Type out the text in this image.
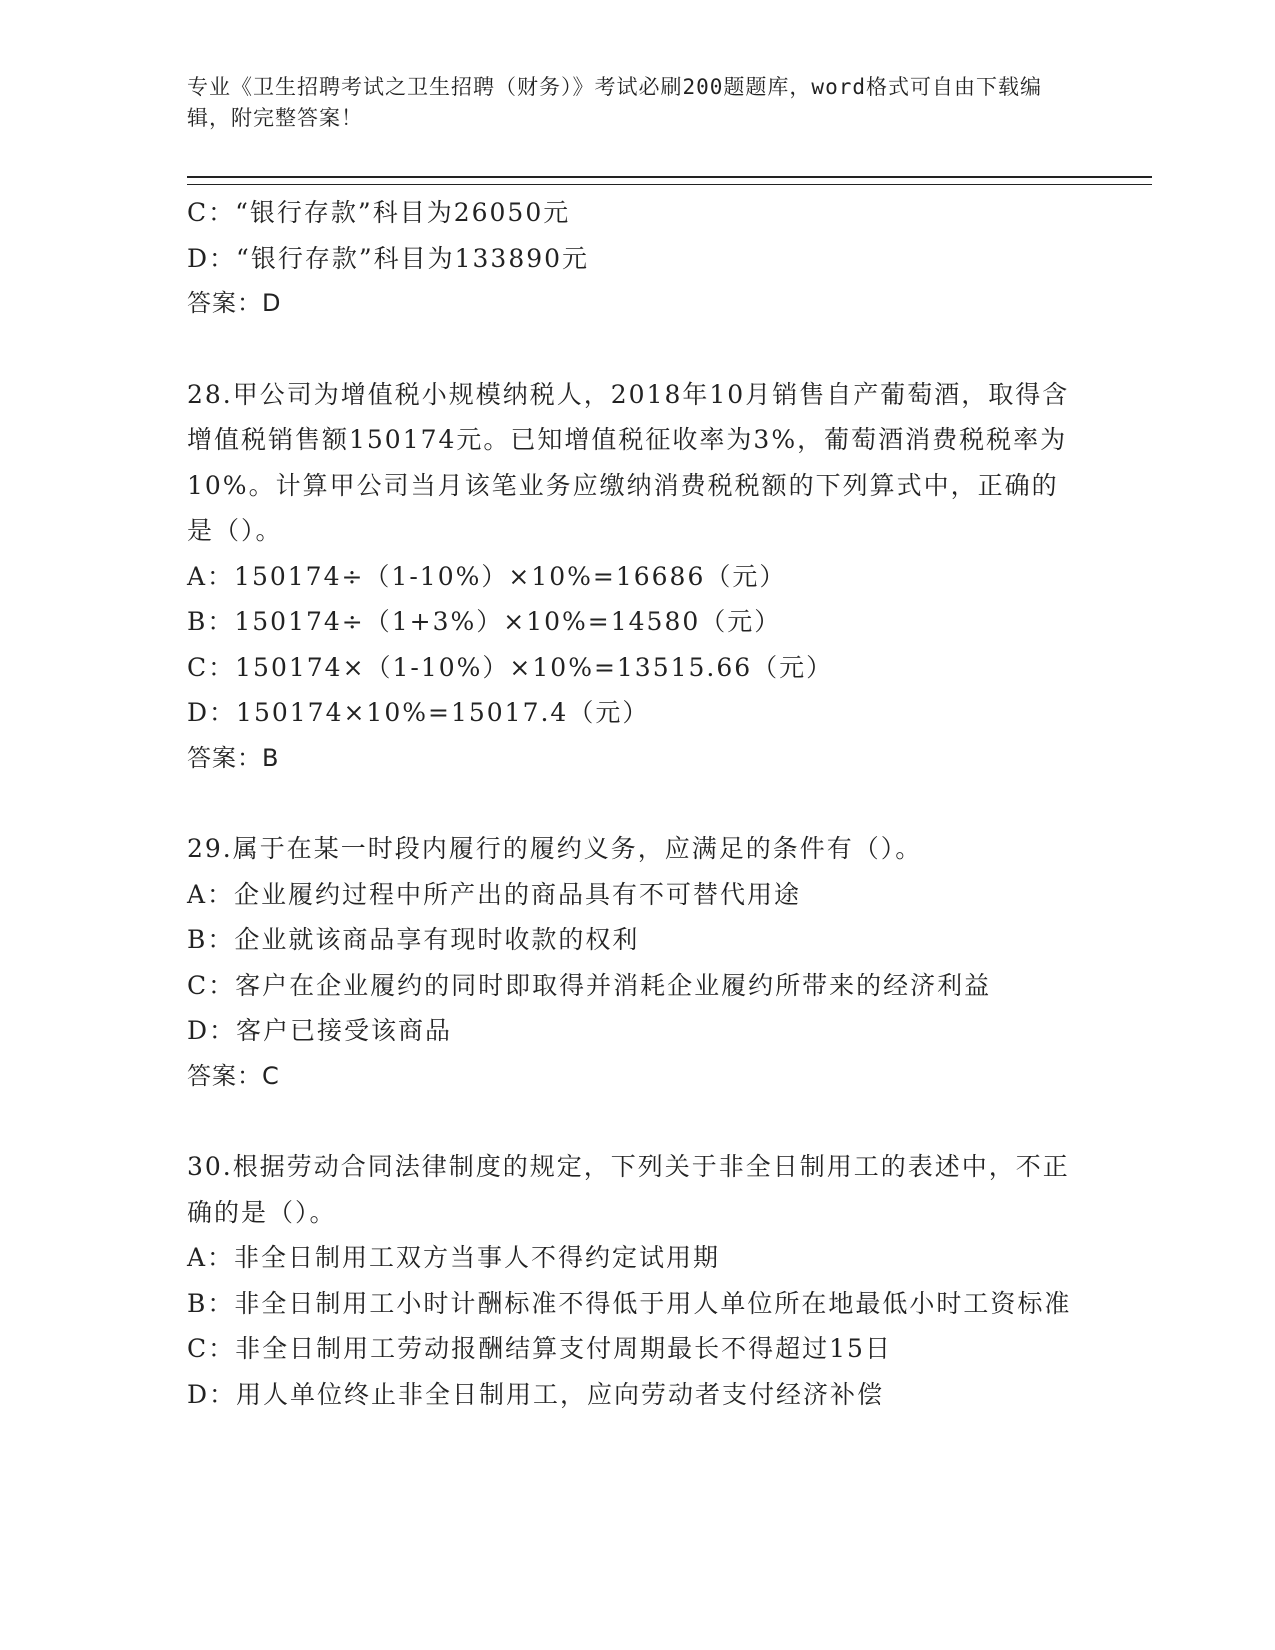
专业《卫生招聘考试之卫生招聘（财务）》考试必刷200题题库，word格式可自由下载编辑，附完整答案！
C：“银行存款”科目为26050元
D：“银行存款”科目为133890元
答案：D
28.甲公司为增值税小规模纳税人，2018年10月销售自产葡萄酒，取得含增值税销售额150174元。已知增值税征收率为3%，葡萄酒消费税税率为10%。计算甲公司当月该笔业务应缴纳消费税税额的下列算式中，正确的是（）。
A：150174÷（1-10%）×10%=16686（元）
B：150174÷（1+3%）×10%=14580（元）
C：150174×（1-10%）×10%=13515.66（元）
D：150174×10%=15017.4（元）
答案：B
29.属于在某一时段内履行的履约义务，应满足的条件有（）。
A：企业履约过程中所产出的商品具有不可替代用途
B：企业就该商品享有现时收款的权利
C：客户在企业履约的同时即取得并消耗企业履约所带来的经济利益
D：客户已接受该商品
答案：C
30.根据劳动合同法律制度的规定，下列关于非全日制用工的表述中，不正确的是（）。
A：非全日制用工双方当事人不得约定试用期
B：非全日制用工小时计酬标准不得低于用人单位所在地最低小时工资标准
C：非全日制用工劳动报酬结算支付周期最长不得超过15日
D：用人单位终止非全日制用工，应向劳动者支付经济补偿
